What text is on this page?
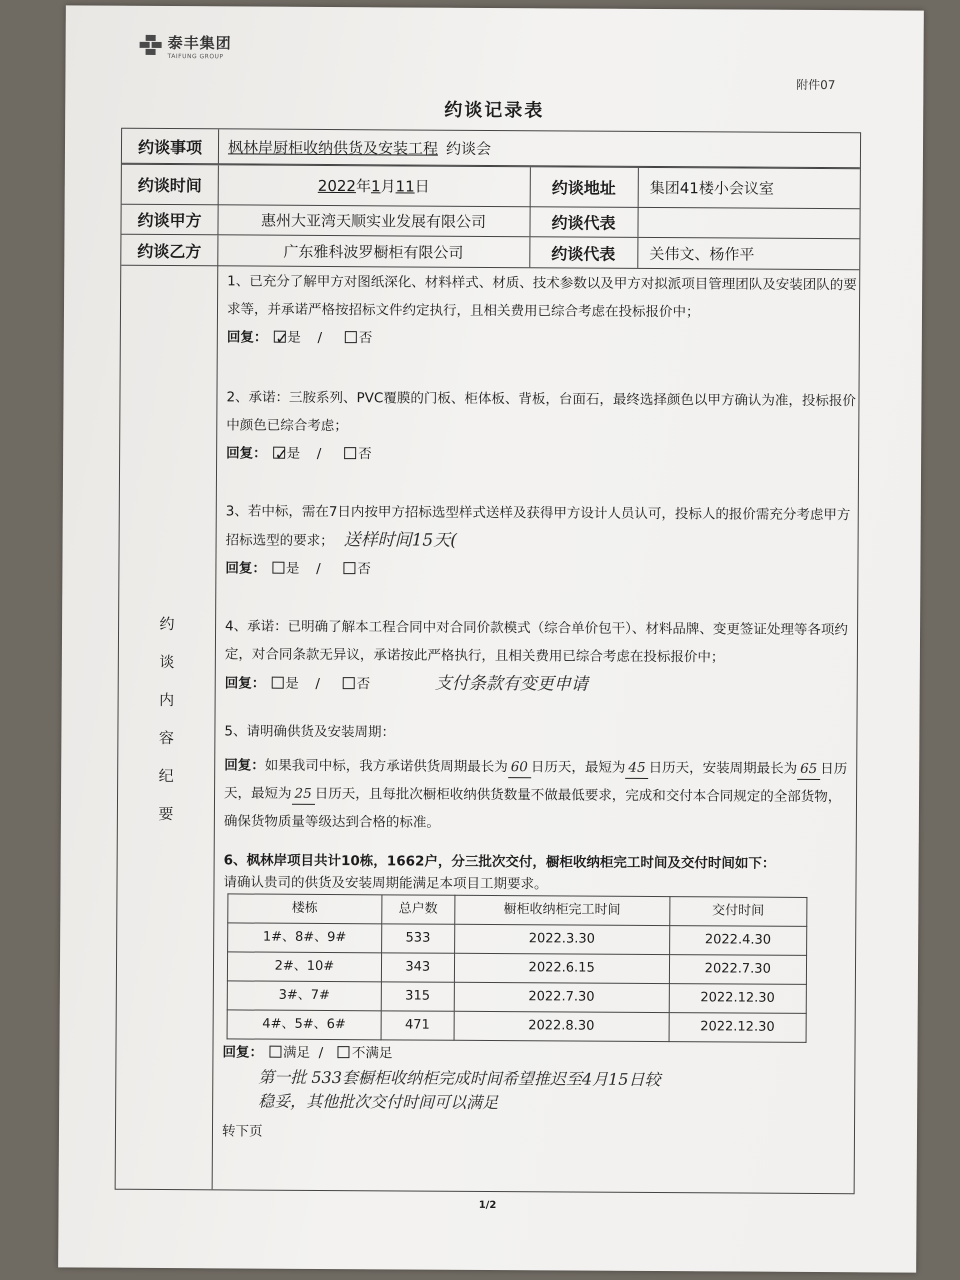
泰丰集团
TAIFUNG GROUP
附件07
约谈记录表
约谈事项	枫林岸厨柜收纳供货及安装工程 约谈会
约谈时间	2022 年 1 月 11 日	约谈地址	集团41楼小会议室
约谈甲方	惠州大亚湾天顺实业发展有限公司	约谈代表
约谈乙方	广东雅科波罗橱柜有限公司	约谈代表	关伟文、杨作平
约
谈
内
容
纪
要

1、已充分了解甲方对图纸深化、材料样式、材质、技术参数以及甲方对拟派项目管理团队及安装团队的要求等，并承诺严格按招标文件约定执行，且相关费用已综合考虑在投标报价中；

回复： ✓
是 /	否

2、承诺：三胺系列、PVC覆膜的门板、柜体板、背板，台面石，最终选择颜色以甲方确认为准，投标报价中颜色已综合考虑；

回复： ✓
是 /	否

3、若中标，需在7日内按甲方招标选型样式送样及获得甲方设计人员认可，投标人的报价需充分考虑甲方招标选型的要求； 送样时间15天(

回复： 是 /	否

4、承诺：已明确了解本工程合同中对合同价款模式（综合单价包干）、材料品牌、变更签证处理等各项约定，对合同条款无异议，承诺按此严格执行，且相关费用已综合考虑在投标报价中；

回复： 是 /	否	支付条款有变更申请

5、请明确供货及安装周期：

回复：如果我司中标，我方承诺供货周期最长为 60 日历天，最短为 45 日历天，安装周期最长为 65 日历天，最短为 25 日历天，且每批次橱柜收纳供货数量不做最低要求，完成和交付本合同规定的全部货物，确保货物质量等级达到合格的标准。

6、枫林岸项目共计10栋，1662户，分三批次交付，橱柜收纳柜完工时间及交付时间如下：

请确认贵司的供货及安装周期能满足本项目工期要求。

楼栋	总户数	橱柜收纳柜完工时间	交付时间
1#、8#、9#	533	2022.3.30	2022.4.30
2#、10#	343	2022.6.15	2022.7.30
3#、7#	315	2022.7.30	2022.12.30
4#、5#、6#	471	2022.8.30	2022.12.30

回复： 满足 / 不满足

第一批 533套橱柜收纳柜完成时间希望推迟至4月15日较

稳妥，其他批次交付时间可以满足

转下页

1/2
